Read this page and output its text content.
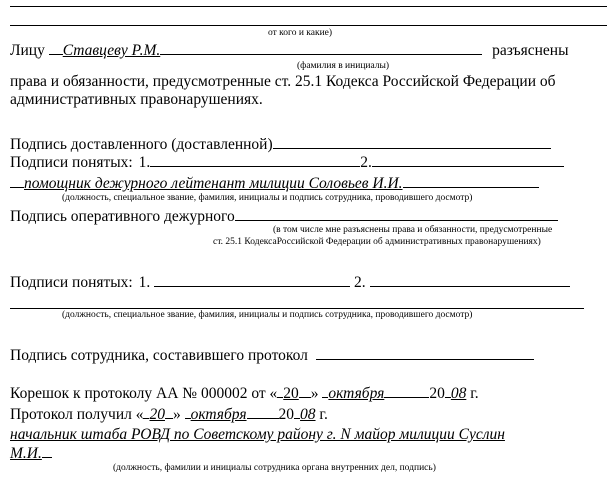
от кого и какие)
Лицу Ставцеву Р.М.	разъяснены
(фамилия в инициалы)
права и обязанности, предусмотренные ст. 25.1 Кодекса Российской Федерации об
административных правонарушениях.
Подпись доставленного (доставленной)
Подписи понятых: 1.	2.
помощник дежурного лейтенант милиции Соловьев И.И.
(должность, специальное звание, фамилия, инициалы и подпись сотрудника, проводившего досмотр)
Подпись оперативного дежурного
(в том числе мне разъяснены права и обязанности, предусмотренные
ст. 25.1 КодексаРоссийской Федерации об административных правонарушениях)
Подписи понятых: 1.	2.
(должность, специальное звание, фамилия, инициалы и подпись сотрудника, проводившего досмотр)
Подпись сотрудника, составившего протокол
Корешок к протоколу АА № 000002 от « 20 » октября	20 08 г.
Протокол получил « 20 » октября 20 08 г.
начальник штаба РОВД по Советскому району г. N майор милиции Суслин
М.И.
(должность, фамилии и инициалы сотрудника органа внутренних дел, подпись)
